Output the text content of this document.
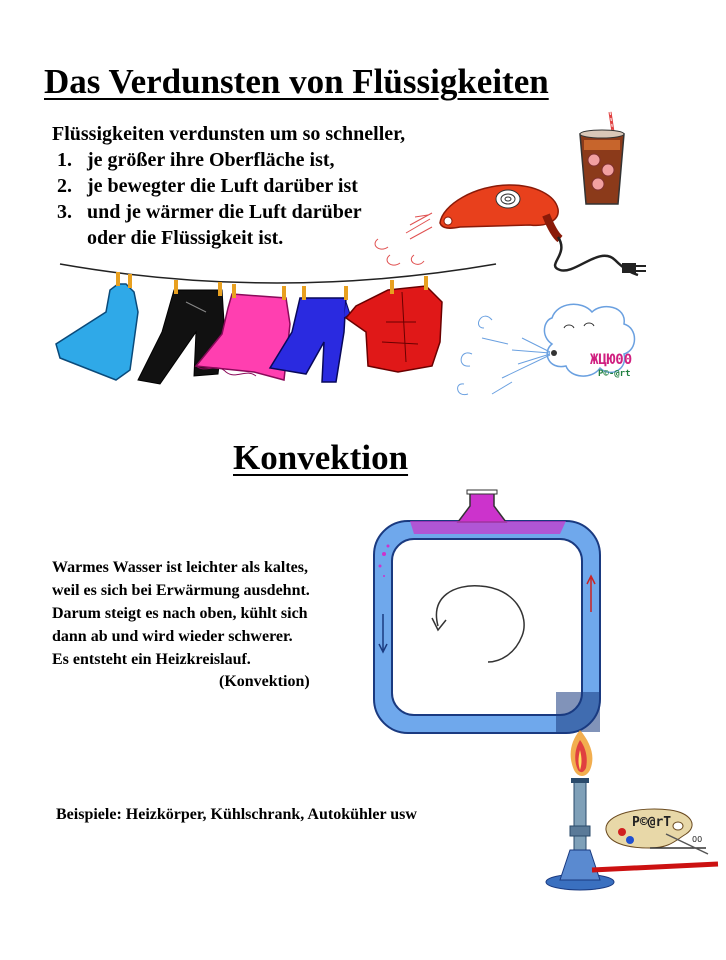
Das Verdunsten von Flüssigkeiten
Flüssigkeiten verdunsten um so schneller,
1. je größer ihre Oberfläche ist,
2. je bewegter die Luft darüber ist
3. und je wärmer die Luft darüber
oder die Flüssigkeit ist.
ЖЦЮ00
P©-@rt
Konvektion
Warmes Wasser ist leichter als kaltes,
weil es sich bei Erwärmung ausdehnt.
Darum steigt es nach oben, kühlt sich
dann ab und wird wieder schwerer.
Es entsteht ein Heizkreislauf.
(Konvektion)
P©@rT
00
Beispiele: Heizkörper, Kühlschrank, Autokühler usw
